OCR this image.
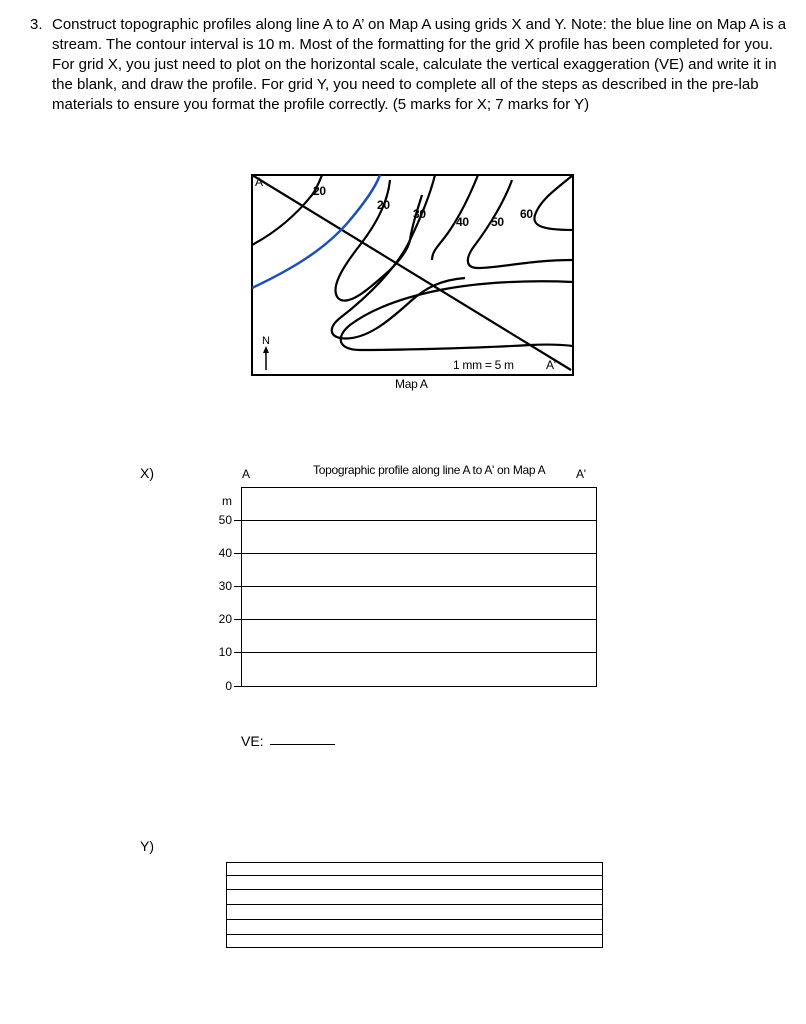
3. Construct topographic profiles along line A to A’ on Map A using grids X and Y. Note: the blue line on Map A is a stream. The contour interval is 10 m. Most of the formatting for the grid X profile has been completed for you. For grid X, you just need to plot on the horizontal scale, calculate the vertical exaggeration (VE) and write it in the blank, and draw the profile. For grid Y, you need to complete all of the steps as described in the pre-lab materials to ensure you format the profile correctly. (5 marks for X; 7 marks for Y)
A
20
20
30
40 50
60
N
1 mm = 5 m	A'
Map A
X)	A	Topographic profile along line A to A' on Map A	A'
m
50
40
30
20
10
0
VE:
Y)
